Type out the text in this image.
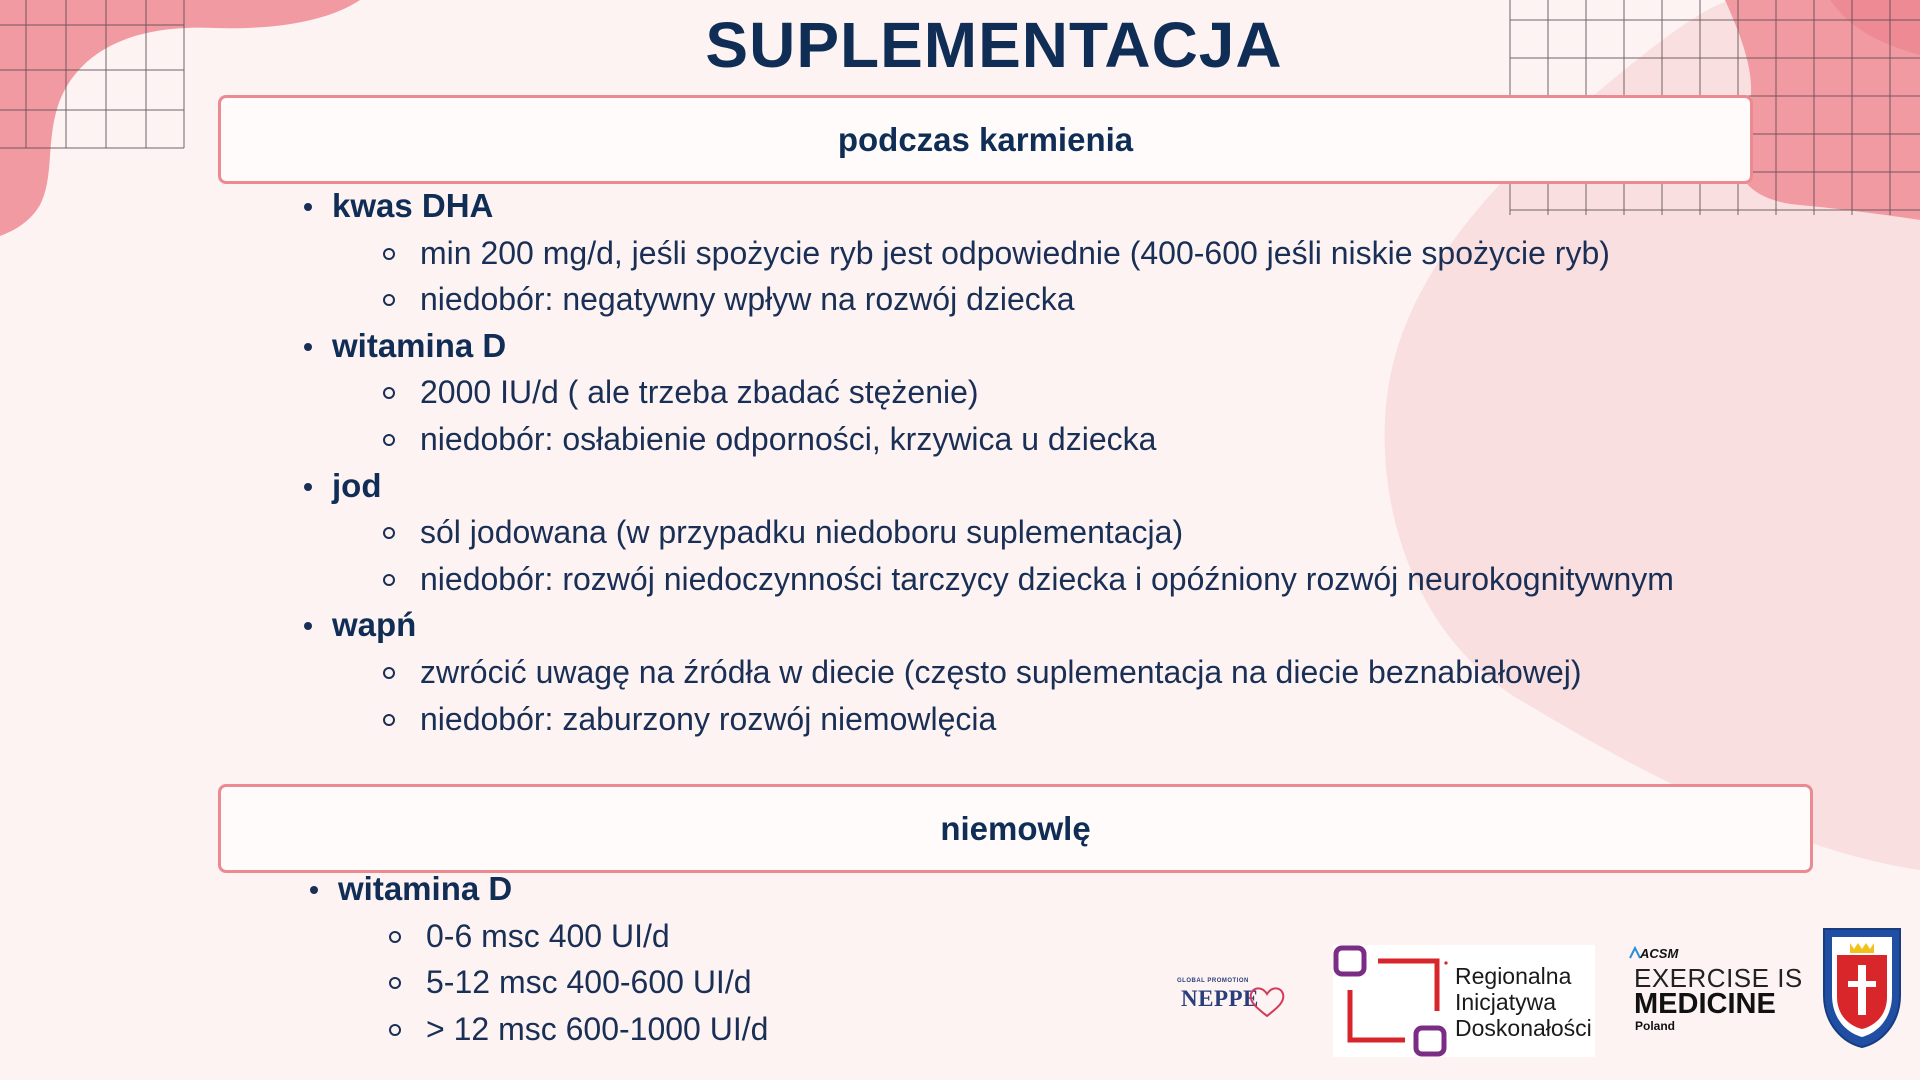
SUPLEMENTACJA
podczas karmienia
kwas DHA
min 200 mg/d, jeśli spożycie ryb jest odpowiednie (400-600 jeśli niskie spożycie ryb)
niedobór: negatywny wpływ na rozwój dziecka
witamina D
2000 IU/d ( ale trzeba zbadać stężenie)
niedobór: osłabienie odporności, krzywica u dziecka
jod
sól jodowana (w przypadku niedoboru suplementacja)
niedobór: rozwój niedoczynności tarczycy dziecka i opóźniony rozwój neurokognitywnym
wapń
zwrócić uwagę na źródła w diecie (często suplementacja na diecie beznabiałowej)
niedobór: zaburzony rozwój niemowlęcia
niemowlę
witamina D
0-6 msc 400 UI/d
5-12 msc 400-600 UI/d
> 12 msc 600-1000 UI/d
GLOBAL PROMOTION
NEPPE
Regionalna
Inicjatywa
Doskonałości
ACSM
EXERCISE IS
MEDICINE
Poland
